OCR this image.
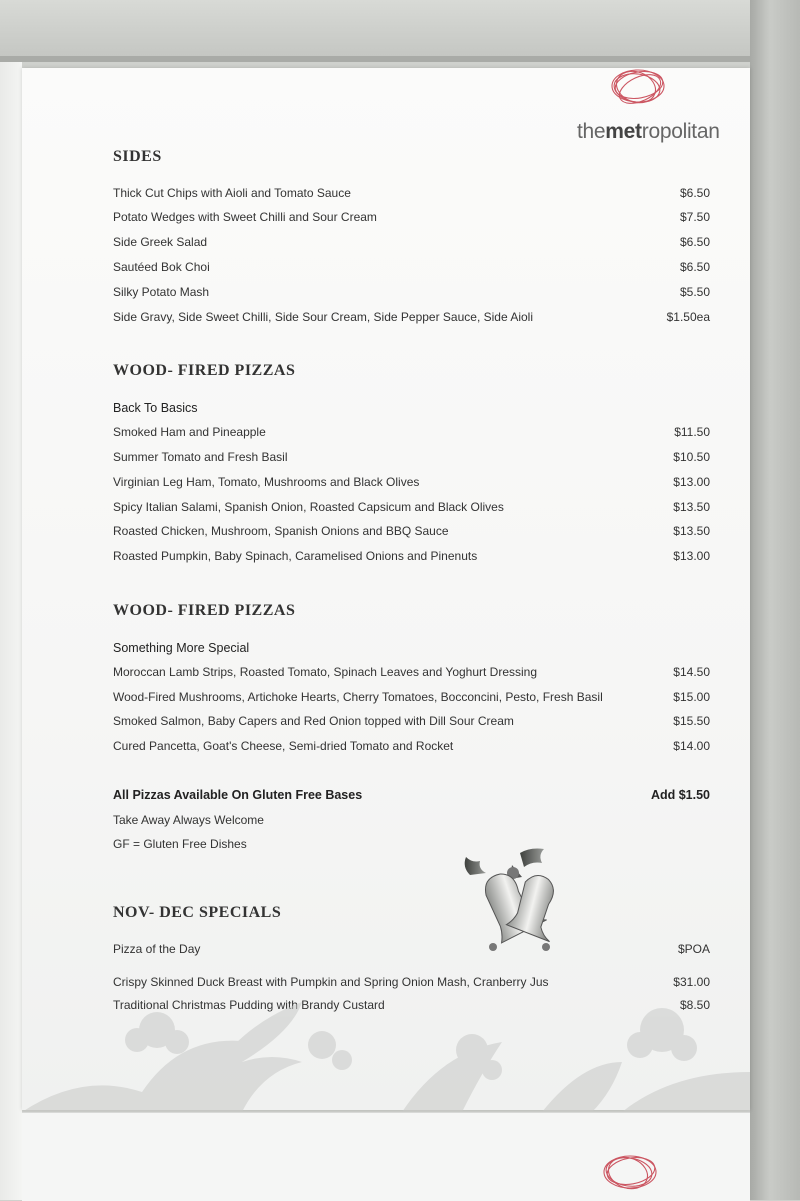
themetropolitan
SIDES
Thick Cut Chips with Aioli and Tomato Sauce	$6.50
Potato Wedges with Sweet Chilli and Sour Cream	$7.50
Side Greek Salad	$6.50
Sautéed Bok Choi	$6.50
Silky Potato Mash	$5.50
Side Gravy, Side Sweet Chilli, Side Sour Cream, Side Pepper Sauce, Side Aioli	$1.50ea
WOOD- FIRED PIZZAS
Back To Basics
Smoked Ham and Pineapple	$11.50
Summer Tomato and Fresh Basil	$10.50
Virginian Leg Ham, Tomato, Mushrooms and Black Olives	$13.00
Spicy Italian Salami, Spanish Onion, Roasted Capsicum and Black Olives	$13.50
Roasted Chicken, Mushroom, Spanish Onions and BBQ Sauce	$13.50
Roasted Pumpkin, Baby Spinach, Caramelised Onions and Pinenuts	$13.00
WOOD- FIRED PIZZAS
Something More Special
Moroccan Lamb Strips, Roasted Tomato, Spinach Leaves and Yoghurt Dressing	$14.50
Wood-Fired Mushrooms, Artichoke Hearts, Cherry Tomatoes, Bocconcini, Pesto, Fresh Basil	$15.00
Smoked Salmon, Baby Capers and Red Onion topped with Dill Sour Cream	$15.50
Cured Pancetta, Goat's Cheese, Semi-dried Tomato and Rocket	$14.00
All Pizzas Available On Gluten Free Bases	Add $1.50
Take Away Always Welcome
GF = Gluten Free Dishes
NOV- DEC SPECIALS
Pizza of the Day	$POA
Crispy Skinned Duck Breast with Pumpkin and Spring Onion Mash, Cranberry Jus	$31.00
Traditional Christmas Pudding with Brandy Custard	$8.50
